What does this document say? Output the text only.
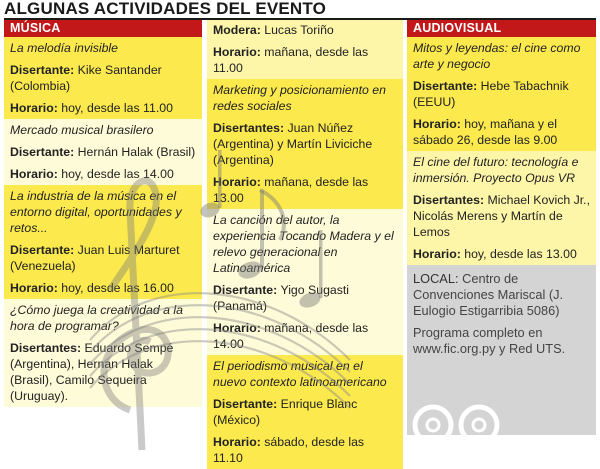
ALGUNAS ACTIVIDADES DEL EVENTO
MÚSICA
La melodía invisible
Disertante: Kike Santander (Colombia)
Horario: hoy, desde las 11.00
Mercado musical brasilero
Disertante: Hernán Halak (Brasil)
Horario: hoy, desde las 14.00
La industria de la música en el entorno digital, oportunidades y retos...
Disertante: Juan Luis Marturet (Venezuela)
Horario: hoy, desde las 16.00
¿Cómo juega la creatividad a la hora de programar?
Disertantes: Eduardo Sempé (Argentina), Hernan Halak (Brasil), Camilo Sequeira (Uruguay).
Modera: Lucas Toriño
Horario: mañana, desde las 11.00
Marketing y posicionamiento en redes sociales
Disertantes: Juan Núñez (Argentina) y Martín Liviciche (Argentina)
Horario: mañana, desde las 13.00
La canción del autor, la experiencia Tocando Madera y el relevo generacional en Latinoamérica
Disertante: Yigo Sugasti (Panamá)
Horario: mañana, desde las 14.00
El periodismo musical en el nuevo contexto latinoamericano
Disertante: Enrique Blanc (México)
Horario: sábado, desde las 11.10
AUDIOVISUAL
Mitos y leyendas: el cine como arte y negocio
Disertante: Hebe Tabachnik (EEUU)
Horario: hoy, mañana y el sábado 26, desde las 9.00
El cine del futuro: tecnología e inmersión. Proyecto Opus VR
Disertantes: Michael Kovich Jr., Nicolás Merens y Martín de Lemos
Horario: hoy, desde las 13.00
LOCAL: Centro de Convenciones Mariscal (J. Eulogio Estigarribia 5086)
Programa completo en www.fic.org.py y Red UTS.
